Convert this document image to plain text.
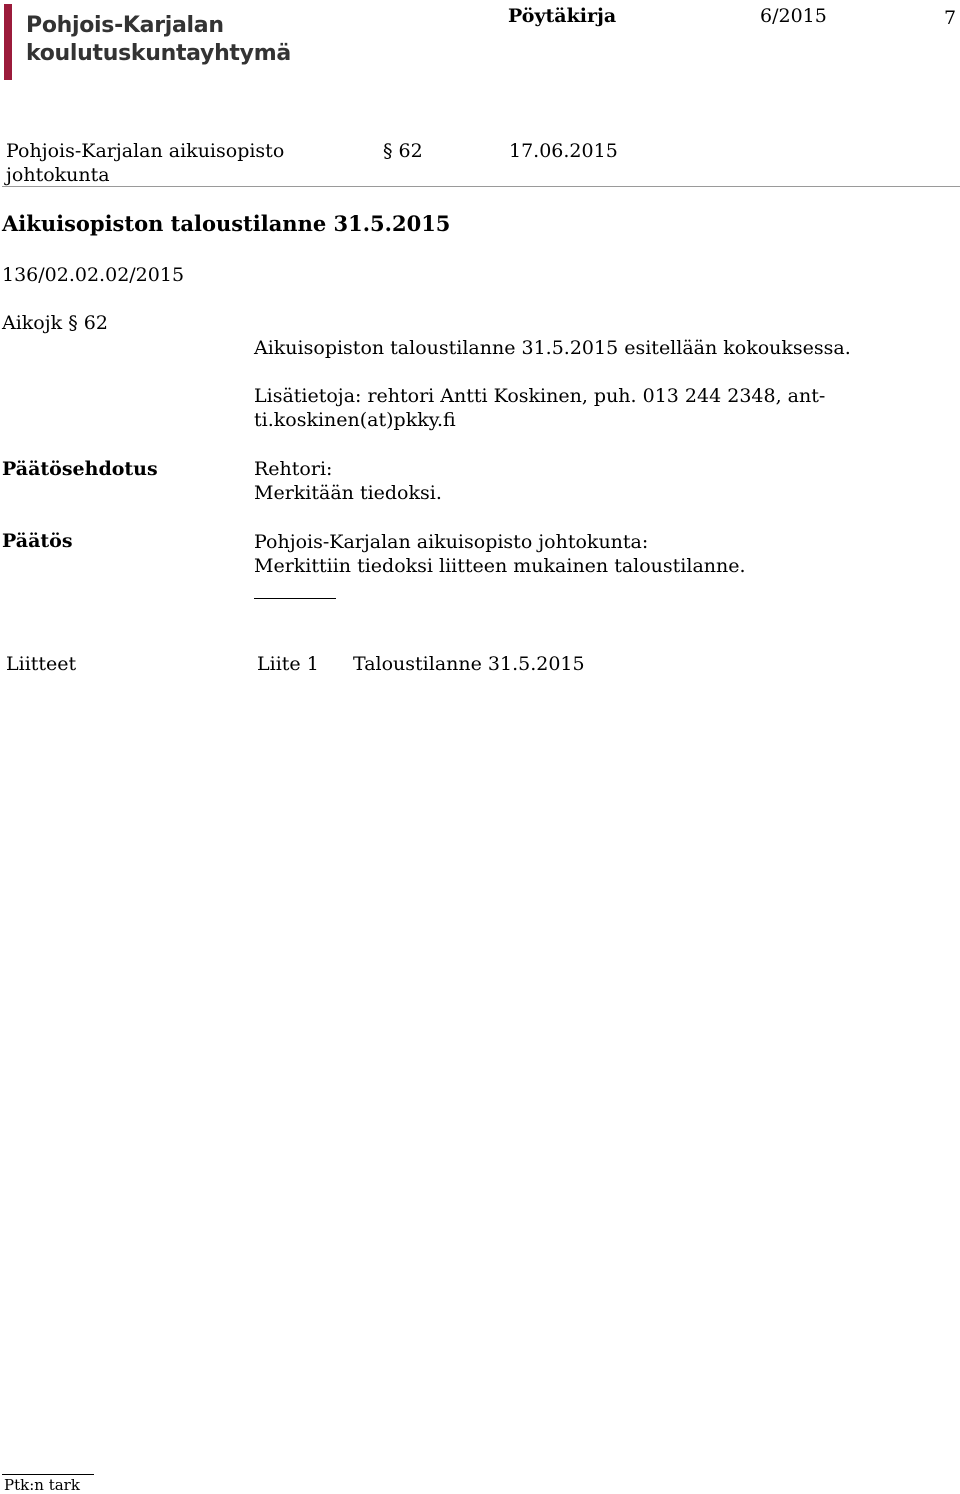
Pohjois-Karjalan
koulutuskuntayhtymä
Pöytäkirja	6/2015	7
Pohjois-Karjalan aikuisopisto
johtokunta
§ 62	17.06.2015
Aikuisopiston taloustilanne 31.5.2015
136/02.02.02/2015
Aikojk § 62
Aikuisopiston taloustilanne 31.5.2015 esitellään kokouksessa.
Lisätietoja: rehtori Antti Koskinen, puh. 013 244 2348, ant-
ti.koskinen(at)pkky.fi
Päätösehdotus	Rehtori:
Merkitään tiedoksi.
Päätös	Pohjois-Karjalan aikuisopisto johtokunta:
Merkittiin tiedoksi liitteen mukainen taloustilanne.
Liitteet	Liite 1 Taloustilanne 31.5.2015
Ptk:n tark
